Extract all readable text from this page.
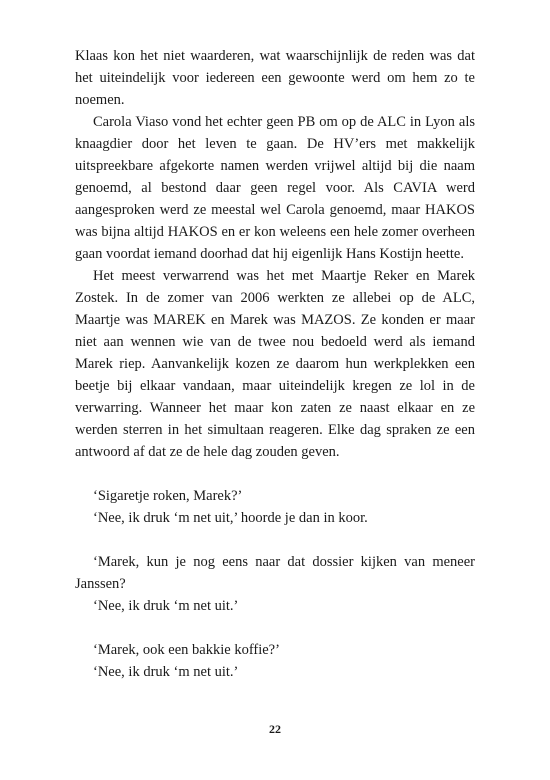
Klaas kon het niet waarderen, wat waarschijnlijk de reden was dat het uiteindelijk voor iedereen een gewoonte werd om hem zo te noemen.

Carola Viaso vond het echter geen PB om op de ALC in Lyon als knaagdier door het leven te gaan. De HV’ers met makkelijk uitspreekbare afgekorte namen werden vrijwel altijd bij die naam genoemd, al bestond daar geen regel voor. Als CAVIA werd aangesproken werd ze meestal wel Carola genoemd, maar HAKOS was bijna altijd HAKOS en er kon weleens een hele zomer overheen gaan voordat iemand doorhad dat hij eigenlijk Hans Kostijn heette.

Het meest verwarrend was het met Maartje Reker en Marek Zostek. In de zomer van 2006 werkten ze allebei op de ALC, Maartje was MAREK en Marek was MAZOS. Ze konden er maar niet aan wennen wie van de twee nou bedoeld werd als iemand Marek riep. Aanvankelijk kozen ze daarom hun werkplekken een beetje bij elkaar vandaan, maar uiteindelijk kregen ze lol in de verwarring. Wanneer het maar kon zaten ze naast elkaar en ze werden sterren in het simultaan reageren. Elke dag spraken ze een antwoord af dat ze de hele dag zouden geven.

‘Sigaretje roken, Marek?’

‘Nee, ik druk ‘m net uit,’ hoorde je dan in koor.

‘Marek, kun je nog eens naar dat dossier kijken van meneer Janssen?

‘Nee, ik druk ‘m net uit.’

‘Marek, ook een bakkie koffie?’

‘Nee, ik druk ‘m net uit.’

22
